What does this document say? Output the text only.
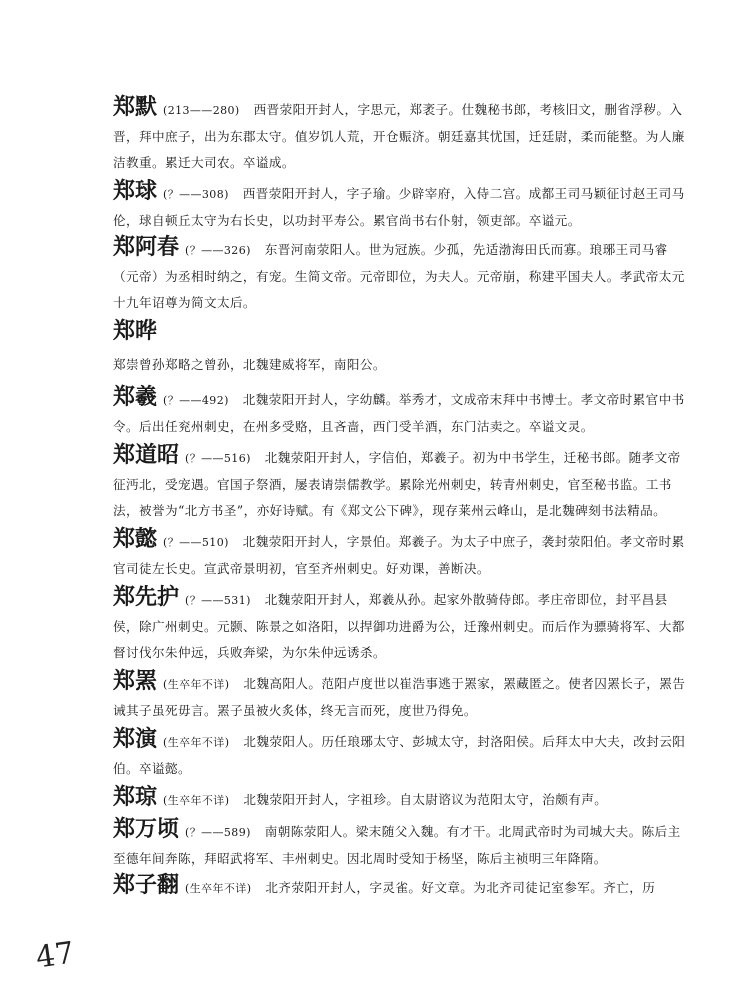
郑默 (213——280) 西晋荥阳开封人，字思元，郑袤子。仕魏秘书郎，考核旧文，删省浮秽。入晋，拜中庶子，出为东郡太守。值岁饥人荒，开仓赈济。朝廷嘉其忧国，迁廷尉，柔而能整。为人廉洁教重。累迁大司农。卒谥成。
郑球 (？——308) 西晋荥阳开封人，字子瑜。少辟宰府，入侍二宫。成都王司马颖征讨赵王司马伦，球自顿丘太守为右长史，以功封平寿公。累官尚书右仆射，领吏部。卒谥元。
郑阿春 (？——326) 东晋河南荥阳人。世为冠族。少孤，先适渤海田氏而寡。琅琊王司马睿（元帝）为丞相时纳之，有宠。生简文帝。元帝即位，为夫人。元帝崩，称建平国夫人。孝武帝太元十九年诏尊为简文太后。
郑晔
郑崇曾孙郑略之曾孙，北魏建威将军，南阳公。
郑羲 (？——492) 北魏荥阳开封人，字幼麟。举秀才，文成帝末拜中书博士。孝文帝时累官中书令。后出任兖州刺史，在州多受赂，且吝啬，西门受羊酒，东门沽卖之。卒谥文灵。
郑道昭 (？——516) 北魏荥阳开封人，字信伯，郑羲子。初为中书学生，迁秘书郎。随孝文帝征沔北，受宠遇。官国子祭酒，屡表请崇儒教学。累除光州刺史，转青州刺史，官至秘书监。工书法，被誉为“北方书圣”，亦好诗赋。有《郑文公下碑》，现存莱州云峰山，是北魏碑刻书法精品。
郑懿 (？——510) 北魏荥阳开封人，字景伯。郑羲子。为太子中庶子，袭封荥阳伯。孝文帝时累官司徒左长史。宣武帝景明初，官至齐州刺史。好劝课，善断决。
郑先护 (？——531) 北魏荥阳开封人，郑羲从孙。起家外散骑侍郎。孝庄帝即位，封平昌县侯，除广州刺史。元颢、陈景之如洛阳，以捍御功进爵为公，迁豫州刺史。而后作为骠骑将军、大都督讨伐尔朱仲远，兵败奔梁，为尔朱仲远诱杀。
郑罴 (生卒年不详) 北魏高阳人。范阳卢度世以崔浩事逃于罴家，罴藏匿之。使者囚罴长子，罴告诫其子虽死毋言。罴子虽被火炙体，终无言而死，度世乃得免。
郑演 (生卒年不详) 北魏荥阳人。历任琅琊太守、彭城太守，封洛阳侯。后拜太中大夫，改封云阳伯。卒谥懿。
郑琼 (生卒年不详) 北魏荥阳开封人，字祖珍。自太尉谘议为范阳太守，治颇有声。
郑万顷 (？——589) 南朝陈荥阳人。梁末随父入魏。有才干。北周武帝时为司城大夫。陈后主至德年间奔陈，拜昭武将军、丰州刺史。因北周时受知于杨坚，陈后主祯明三年降隋。
郑子翻 (生卒年不详) 北齐荥阳开封人，字灵雀。好文章。为北齐司徒记室参军。齐亡，历
47
